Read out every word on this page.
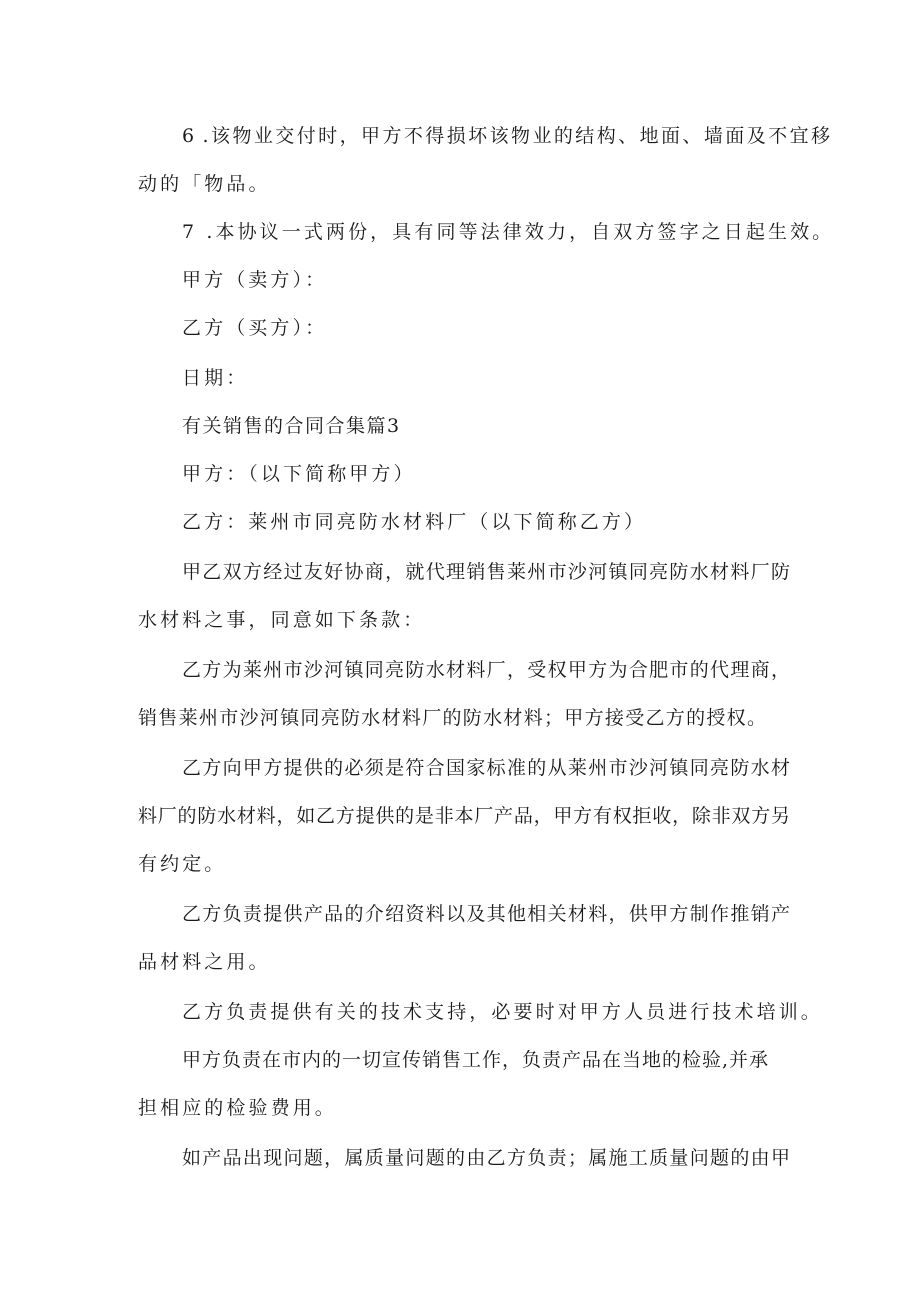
6 .该物业交付时，甲方不得损坏该物业的结构、地面、墙面及不宜移
动的「物品。
7 .本协议一式两份，具有同等法律效力，自双方签字之日起生效。
甲方（卖方）：
乙方（买方）：
日期：
有关销售的合同合集篇3
甲方：（以下简称甲方）
乙方：莱州市同亮防水材料厂（以下简称乙方）
甲乙双方经过友好协商，就代理销售莱州市沙河镇同亮防水材料厂防
水材料之事，同意如下条款：
乙方为莱州市沙河镇同亮防水材料厂，受权甲方为合肥市的代理商，
销售莱州市沙河镇同亮防水材料厂的防水材料；甲方接受乙方的授权。
乙方向甲方提供的必须是符合国家标准的从莱州市沙河镇同亮防水材
料厂的防水材料，如乙方提供的是非本厂产品，甲方有权拒收，除非双方另
有约定。
乙方负责提供产品的介绍资料以及其他相关材料，供甲方制作推销产
品材料之用。
乙方负责提供有关的技术支持，必要时对甲方人员进行技术培训。
甲方负责在市内的一切宣传销售工作，负责产品在当地的检验,并承
担相应的检验费用。
如产品出现问题，属质量问题的由乙方负责；属施工质量问题的由甲
